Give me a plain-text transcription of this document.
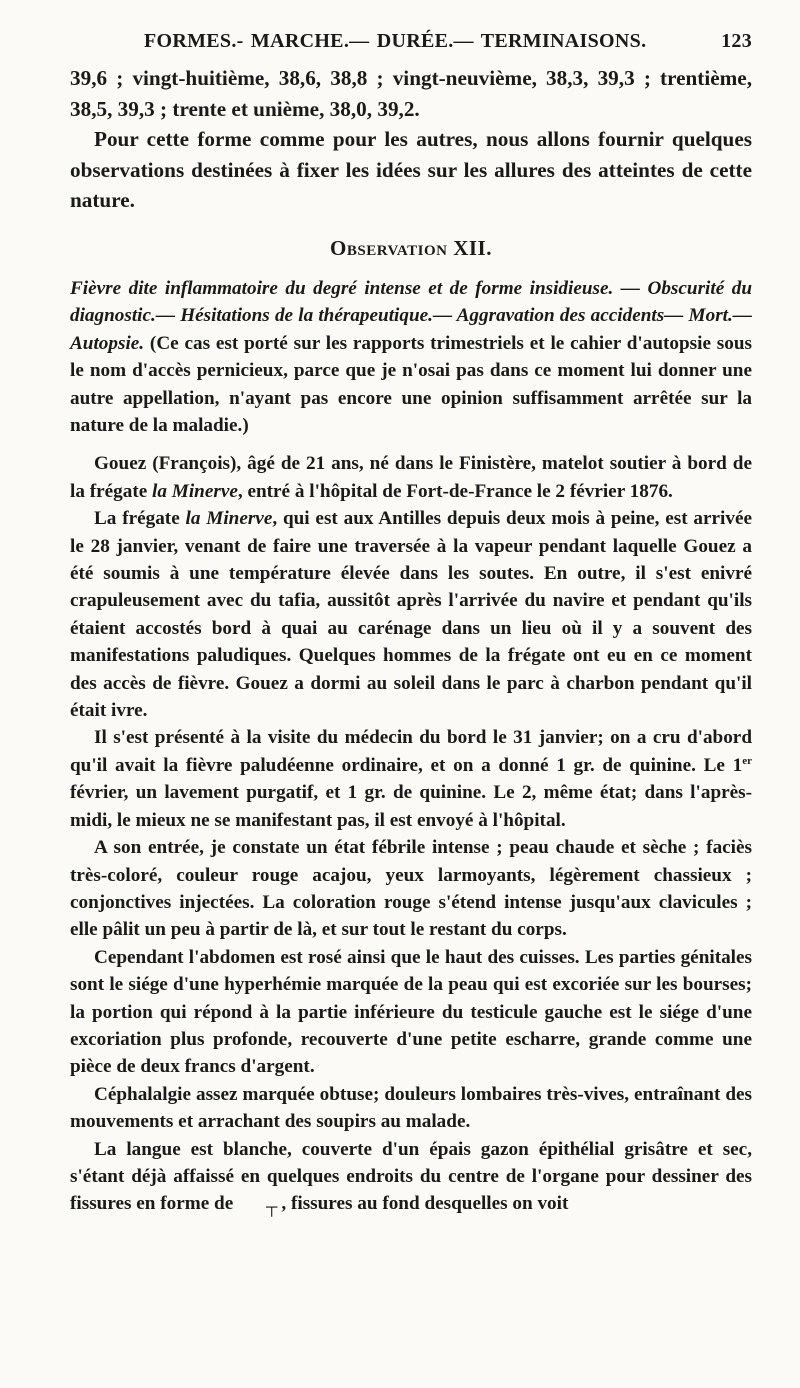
FORMES.- MARCHE.— DURÉE.— TERMINAISONS.	123

39,6 ; vingt-huitième, 38,6, 38,8 ; vingt-neuvième, 38,3, 39,3 ; trentième, 38,5, 39,3 ; trente et unième, 38,0, 39,2.

Pour cette forme comme pour les autres, nous allons fournir quelques observations destinées à fixer les idées sur les allures des atteintes de cette nature.

Observation XII.

Fièvre dite inflammatoire du degré intense et de forme insidieuse. — Obscurité du diagnostic.— Hésitations de la thérapeutique.— Aggravation des accidents— Mort.— Autopsie. (Ce cas est porté sur les rapports trimestriels et le cahier d'autopsie sous le nom d'accès pernicieux, parce que je n'osai pas dans ce moment lui donner une autre appellation, n'ayant pas encore une opinion suffisamment arrêtée sur la nature de la maladie.)

Gouez (François), âgé de 21 ans, né dans le Finistère, matelot soutier à bord de la frégate la Minerve, entré à l'hôpital de Fort-de-France le 2 février 1876.

La frégate la Minerve, qui est aux Antilles depuis deux mois à peine, est arrivée le 28 janvier, venant de faire une traversée à la vapeur pendant laquelle Gouez a été soumis à une température élevée dans les soutes. En outre, il s'est enivré crapuleusement avec du tafia, aussitôt après l'arrivée du navire et pendant qu'ils étaient accostés bord à quai au carénage dans un lieu où il y a souvent des manifestations paludiques. Quelques hommes de la frégate ont eu en ce moment des accès de fièvre. Gouez a dormi au soleil dans le parc à charbon pendant qu'il était ivre.

Il s'est présenté à la visite du médecin du bord le 31 janvier; on a cru d'abord qu'il avait la fièvre paludéenne ordinaire, et on a donné 1 gr. de quinine. Le 1er février, un lavement purgatif, et 1 gr. de quinine. Le 2, même état; dans l'après-midi, le mieux ne se manifestant pas, il est envoyé à l'hôpital.

A son entrée, je constate un état fébrile intense ; peau chaude et sèche ; faciès très-coloré, couleur rouge acajou, yeux larmoyants, légèrement chassieux ; conjonctives injectées. La coloration rouge s'étend intense jusqu'aux clavicules ; elle pâlit un peu à partir de là, et sur tout le restant du corps.

Cependant l'abdomen est rosé ainsi que le haut des cuisses. Les parties génitales sont le siége d'une hyperhémie marquée de la peau qui est excoriée sur les bourses; la portion qui répond à la partie inférieure du testicule gauche est le siége d'une excoriation plus profonde, recouverte d'une petite escharre, grande comme une pièce de deux francs d'argent.

Céphalalgie assez marquée obtuse; douleurs lombaires très-vives, entraînant des mouvements et arrachant des soupirs au malade.

La langue est blanche, couverte d'un épais gazon épithélial grisâtre et sec, s'étant déjà affaissé en quelques endroits du centre de l'organe pour dessiner des fissures en forme de  ┬ , fissures au fond desquelles on voit
